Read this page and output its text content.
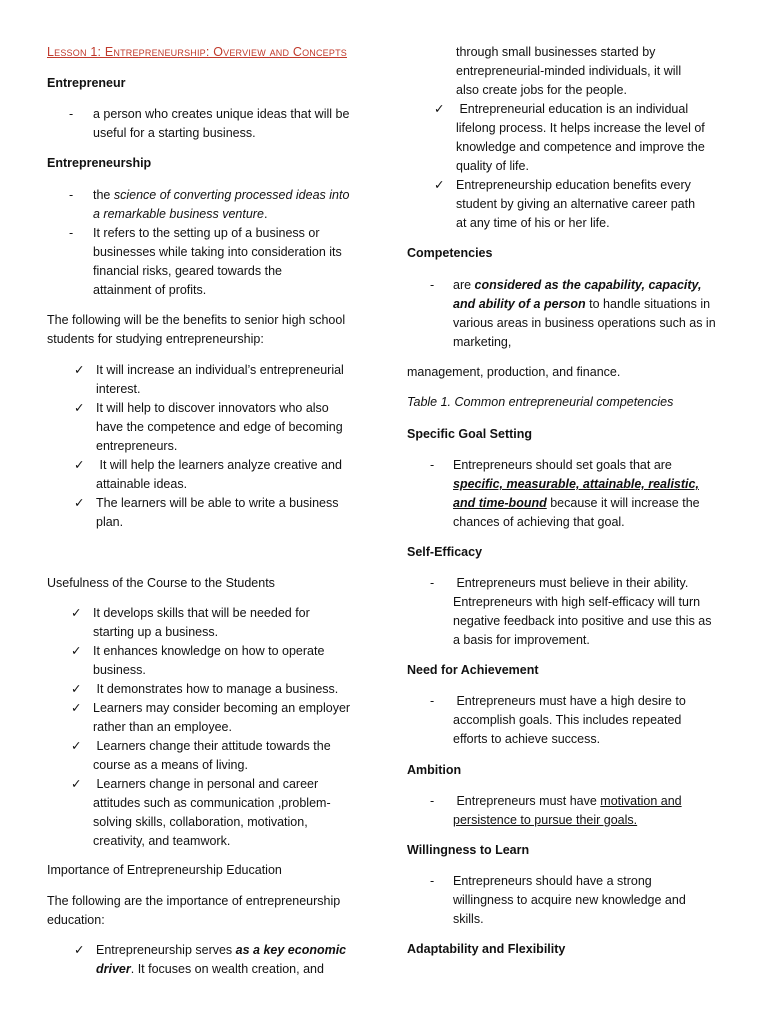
Lesson 1: Entrepreneurship: Overview and Concepts
Entrepreneur
- a person who creates unique ideas that will be
useful for a starting business.
Entrepreneurship
- the science of converting processed ideas into
a remarkable business venture.
- It refers to the setting up of a business or
businesses while taking into consideration its
financial risks, geared towards the
attainment of profits.
The following will be the benefits to senior high school
students for studying entrepreneurship:
✓ It will increase an individual’s entrepreneurial
interest.
✓ It will help to discover innovators who also
have the competence and edge of becoming
entrepreneurs.
✓ It will help the learners analyze creative and
attainable ideas.
✓ The learners will be able to write a business
plan.
Usefulness of the Course to the Students
✓ It develops skills that will be needed for
starting up a business.
✓ It enhances knowledge on how to operate
business.
✓ It demonstrates how to manage a business.
✓ Learners may consider becoming an employer
rather than an employee.
✓ Learners change their attitude towards the
course as a means of living.
✓ Learners change in personal and career
attitudes such as communication ,problem-
solving skills, collaboration, motivation,
creativity, and teamwork.
Importance of Entrepreneurship Education
The following are the importance of entrepreneurship
education:
✓ Entrepreneurship serves as a key economic
driver. It focuses on wealth creation, and
through small businesses started by
entrepreneurial-minded individuals, it will
also create jobs for the people.
✓ Entrepreneurial education is an individual
lifelong process. It helps increase the level of
knowledge and competence and improve the
quality of life.
✓ Entrepreneurship education benefits every
student by giving an alternative career path
at any time of his or her life.
Competencies
- are considered as the capability, capacity,
and ability of a person to handle situations in
various areas in business operations such as in
marketing,
management, production, and finance.
Table 1. Common entrepreneurial competencies
Specific Goal Setting
- Entrepreneurs should set goals that are
specific, measurable, attainable, realistic,
and time-bound because it will increase the
chances of achieving that goal.
Self-Efficacy
- Entrepreneurs must believe in their ability.
Entrepreneurs with high self-efficacy will turn
negative feedback into positive and use this as
a basis for improvement.
Need for Achievement
- Entrepreneurs must have a high desire to
accomplish goals. This includes repeated
efforts to achieve success.
Ambition
- Entrepreneurs must have motivation and
persistence to pursue their goals.
Willingness to Learn
- Entrepreneurs should have a strong
willingness to acquire new knowledge and
skills.
Adaptability and Flexibility
